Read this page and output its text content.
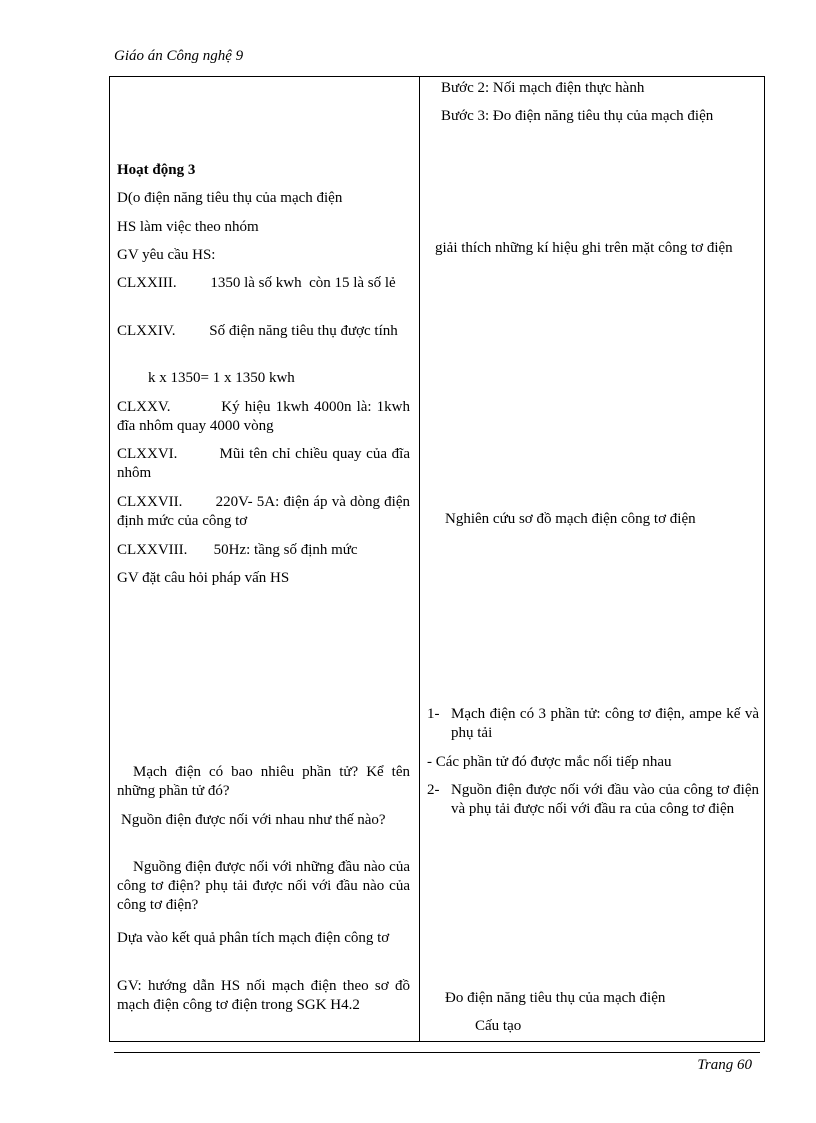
Giáo án Công nghệ 9
Hoạt động 3
D(o điện năng tiêu thụ của mạch điện
HS làm việc theo nhóm
GV yêu cầu HS:
CLXXIII.         1350 là số kwh  còn 15 là số lẻ
CLXXIV.         Số điện năng tiêu thụ được tính
k x 1350= 1 x 1350 kwh
CLXXV.          Ký hiệu 1kwh 4000n là: 1kwh đĩa nhôm quay 4000 vòng
CLXXVI.         Mũi tên chỉ chiều quay của đĩa nhôm
CLXXVII.        220V- 5A: điện áp và dòng điện định mức của công tơ
CLXXVIII.       50Hz: tầng số định mức
GV đặt câu hỏi pháp vấn HS
Mạch điện có bao nhiêu phần tử? Kể tên những phần tử đó?
Nguồn điện được nối với nhau như thế nào?
Nguồng điện được nối với những đầu nào của công tơ điện? phụ tải được nối với đầu nào của công tơ điện?
Dựa vào kết quả phân tích mạch điện công tơ
GV: hướng dẫn HS nối mạch điện theo sơ đồ mạch điện công tơ điện trong SGK H4.2
Bước 2: Nối mạch điện thực hành
Bước 3: Đo điện năng tiêu thụ của mạch điện
giải thích những kí hiệu ghi trên mặt công tơ điện
Nghiên cứu sơ đồ mạch điện công tơ điện
1- Mạch điện có 3 phần tử: công tơ điện, ampe kế và phụ tải
- Các phần tử đó được mắc nối tiếp nhau
2- Nguồn điện được nối với đầu vào của công tơ điện và phụ tải được nối với đầu ra của công tơ điện
Đo điện năng tiêu thụ của mạch điện
Cấu tạo
Trang 60
